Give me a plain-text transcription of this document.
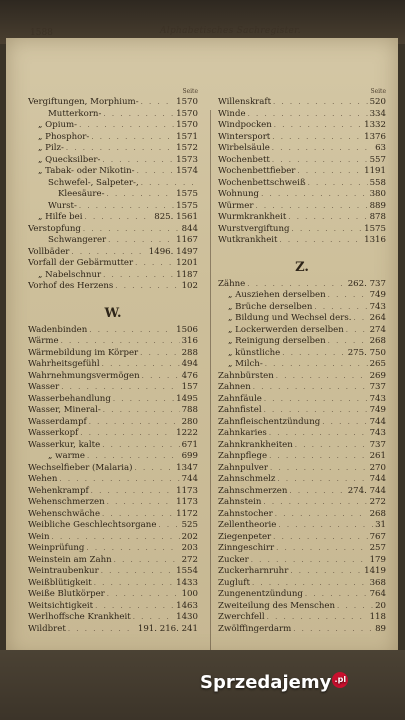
1588	Alphabetisches Sachregister.
Seite
Vergiftungen, Morphium- . . .	1570
Mutterkorn- . . .	1570
„ Opium- . . .	1570
„ Phosphor- . . .	1571
„ Pilz- . . .	1572
„ Quecksilber- . . .	1573
„ Tabak- oder Nikotin- . . .	1574
Schwefel-, Salpeter-,
. . .
Kleesäure- . . .	1575
Wurst- . . .	1575
„ Hilfe bei . . .	825. 1561
Verstopfung . . .	844
Schwangerer . . .	1167
Vollbäder . . .	1496. 1497
Vorfall der Gebärmutter . . .	1201
„ Nabelschnur . . .	1187
Vorhof des Herzens . . .	102
W.
Wadenbinden . . .	1506
Wärme . . .	316
Wärmebildung im Körper . . .	288
Wahrheitsgefühl . . .	494
Wahrnehmungsvermögen . . .	476
Wasser . . .	157
Wasserbehandlung . . .	1495
Wasser, Mineral- . . .	788
Wasserdampf . . .	280
Wasserkopf . . .	1222
Wasserkur, kalte . . .	671
„ warme . . .	699
Wechselfieber (Malaria) . . .	1347
Wehen . . .	744
Wehenkrampf . . .	1173
Wehenschmerzen . . .	1173
Wehenschwäche . . .	1172
Weibliche Geschlechtsorgane . . .	525
Wein . . .	202
Weinprüfung . . .	203
Weinstein am Zahn . . .	272
Weintraubenkur . . .	1554
Weißblütigkeit . . .	1433
Weiße Blutkörper . . .	100
Weitsichtigkeit . . .	1463
Werlhoffsche Krankheit . . .	1430
Wildbret . . .	191. 216. 241
Seite
Willenskraft . . .	520
Winde . . .	334
Windpocken . . .	1332
Wintersport . . .	1376
Wirbelsäule . . .	63
Wochenbett . . .	557
Wochenbettfieber . . .	1191
Wochenbettschweiß . . .	558
Wohnung . . .	380
Würmer . . .	889
Wurmkrankheit . . .	878
Wurstvergiftung . . .	1575
Wutkrankheit . . .	1316
Z.
Zähne . . .	262. 737
„ Ausziehen derselben . . .	749
„ Brüche derselben . . .	743
„ Bildung und Wechsel ders. . . . 264
„ Lockerwerden derselben . . .	274
„ Reinigung derselben . . .	268
„ künstliche . . .	275. 750
„ Milch- . . .	265
Zahnbürsten . . .	269
Zahnen . . .	737
Zahnfäule . . .	743
Zahnfistel . . .	749
Zahnfleischentzündung . . .	744
Zahnkaries . . .	743
Zahnkrankheiten . . .	737
Zahnpflege . . .	261
Zahnpulver . . .	270
Zahnschmelz . . .	744
Zahnschmerzen . . .	274. 744
Zahnstein . . .	272
Zahnstocher . . .	268
Zellentheorie . . .	31
Ziegenpeter . . .	767
Zinngeschirr . . .	257
Zucker . . .	179
Zuckerharnruhr . . .	1419
Zugluft . . .	368
Zungenentzündung . . .	764
Zweiteilung des Menschen . . .	20
Zwerchfell . . .	118
Zwölffingerdarm . . .	89
Sprzedajemy .pl
